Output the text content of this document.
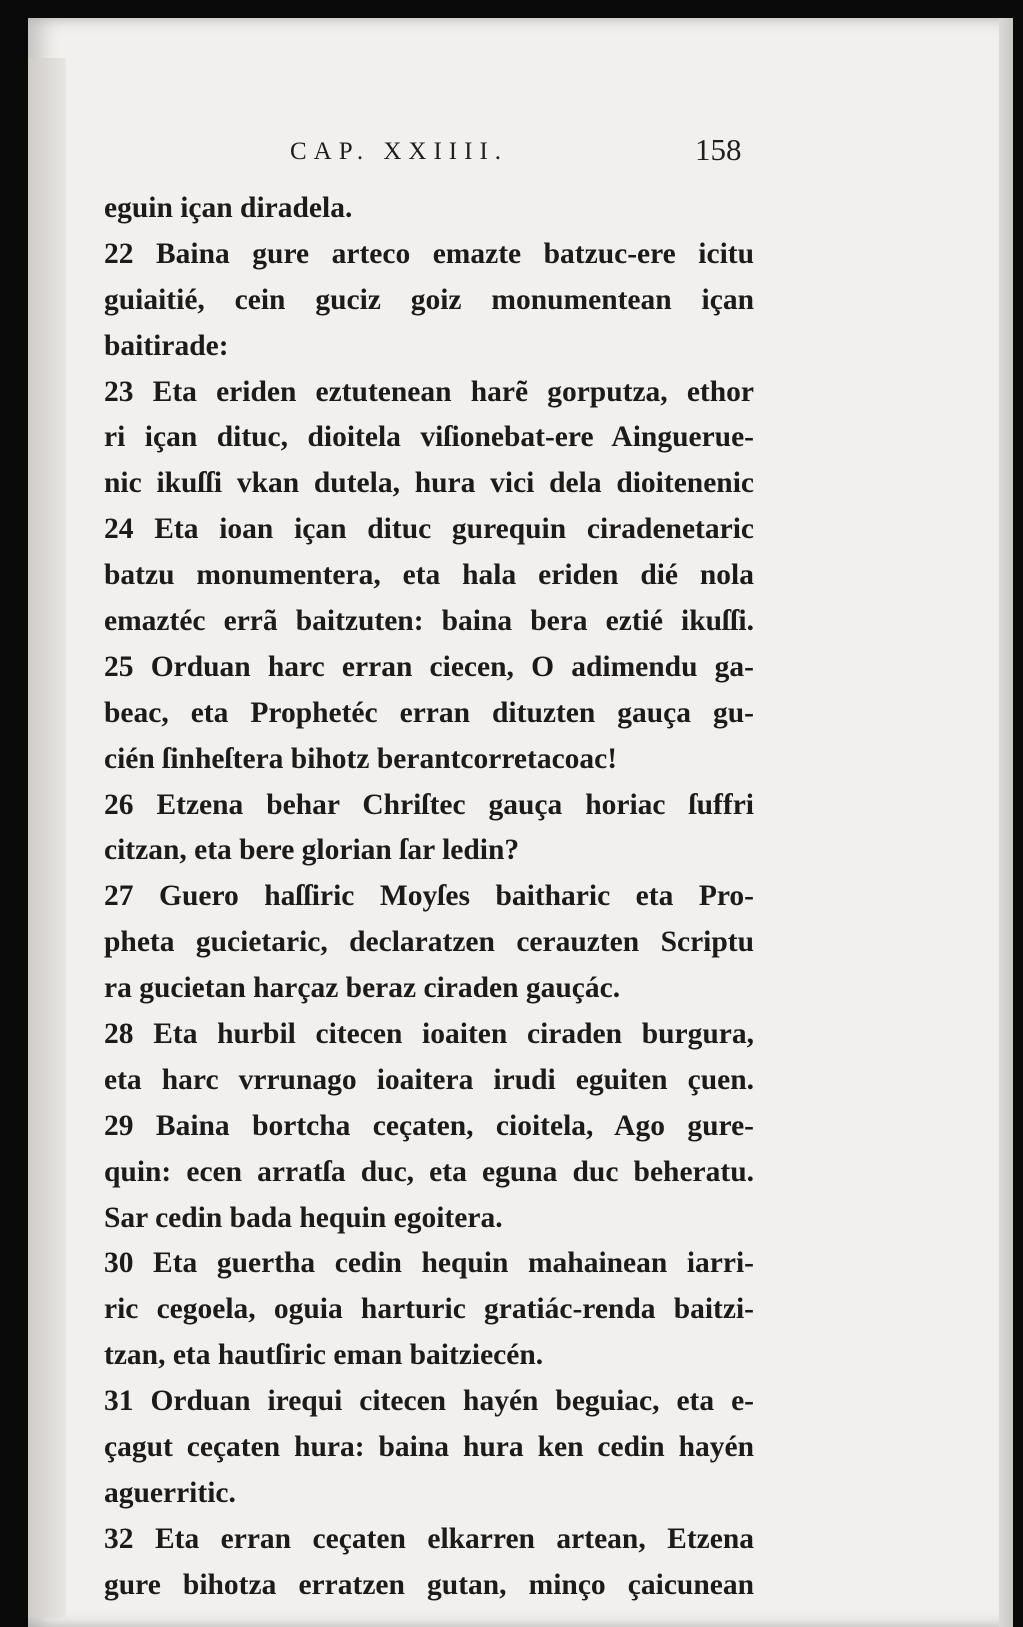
CAP. XXIIII.	158
eguin içan diradela.
22 Baina gure arteco emazte batzuc-ere icitu
guiaitié, cein guciz goiz monumentean içan
baitirade:
23 Eta eriden eztutenean harẽ gorputza, ethor
ri içan dituc, dioitela viſionebat-ere Ainguerue-
nic ikuſſi vkan dutela, hura vici dela dioitenenic
24 Eta ioan içan dituc gurequin ciradenetaric
batzu monumentera, eta hala eriden dié nola
emaztéc errã baitzuten: baina bera eztié ikuſſi.
25 Orduan harc erran ciecen, O adimendu ga-
beac, eta Prophetéc erran dituzten gauça gu-
cién ſinheſtera bihotz berantcorretacoac!
26 Etzena behar Chriſtec gauça horiac ſuffri
citzan, eta bere glorian ſar ledin?
27 Guero haſſiric Moyſes baitharic eta Pro-
pheta gucietaric, declaratzen cerauzten Scriptu
ra gucietan harçaz beraz ciraden gauçác.
28 Eta hurbil citecen ioaiten ciraden burgura,
eta harc vrrunago ioaitera irudi eguiten çuen.
29 Baina bortcha ceçaten, cioitela, Ago gure-
quin: ecen arratſa duc, eta eguna duc beheratu.
Sar cedin bada hequin egoitera.
30 Eta guertha cedin hequin mahainean iarri-
ric cegoela, oguia harturic gratiác-renda baitzi-
tzan, eta hautſiric eman baitziecén.
31 Orduan irequi citecen hayén beguiac, eta e-
çagut ceçaten hura: baina hura ken cedin hayén
aguerritic.
32 Eta erran ceçaten elkarren artean, Etzena
gure bihotza erratzen gutan, minço çaicunean
